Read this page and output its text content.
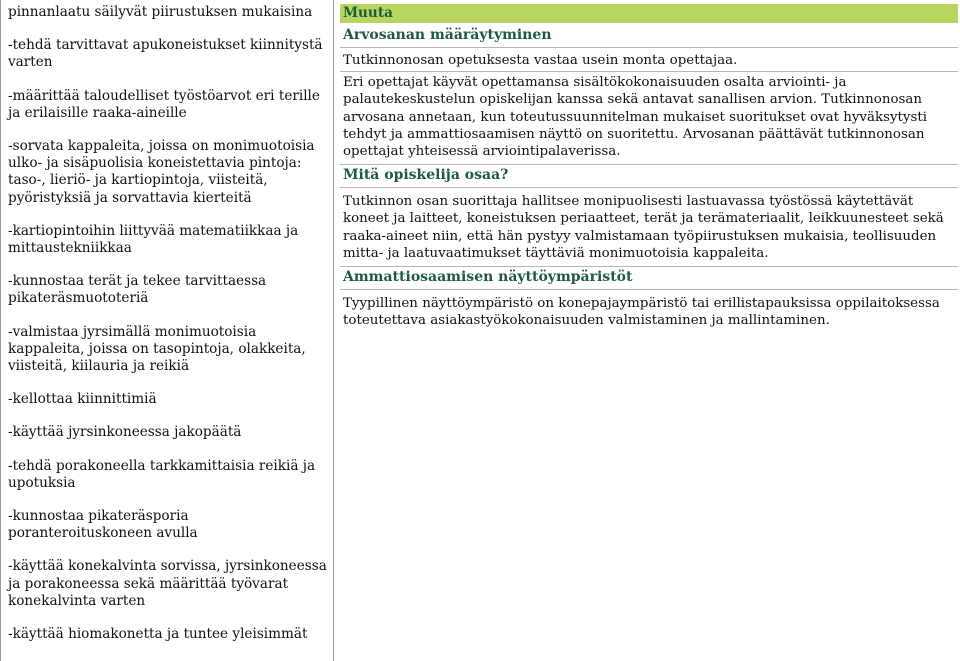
pinnanlaatu säilyvät piirustuksen mukaisina

-tehdä tarvittavat apukoneistukset kiinnitystä varten

-määrittää taloudelliset työstöarvot eri terille ja erilaisille raaka-aineille

-sorvata kappaleita, joissa on monimuotoisia ulko- ja sisäpuolisia koneistettavia pintoja: taso-, lieriö- ja kartiopintoja, viisteitä, pyöristyksiä ja sorvattavia kierteitä

-kartiopintoihin liittyvää matematiikkaa ja mittaustekniikkaa

-kunnostaa terät ja tekee tarvittaessa pikateräsmuototeriä

-valmistaa jyrsimällä monimuotoisia kappaleita, joissa on tasopintoja, olakkeita, viisteitä, kiilauria ja reikiä

-kellottaa kiinnittimiä

-käyttää jyrsinkoneessa jakopäätä

-tehdä porakoneella tarkkamittaisia reikiä ja upotuksia

-kunnostaa pikateräsporia poranteroituskoneen avulla

-käyttää konekalvinta sorvissa, jyrsinkoneessa ja porakoneessa sekä määrittää työvarat konekalvinta varten

-käyttää hiomakonetta ja tuntee yleisimmät

Muuta
Arvosanan määräytyminen

Tutkinnonosan opetuksesta vastaa usein monta opettajaa.

Eri opettajat käyvät opettamansa sisältökokonaisuuden osalta arviointi- ja palautekeskustelun opiskelijan kanssa sekä antavat sanallisen arvion. Tutkinnonosan arvosana annetaan, kun toteutussuunnitelman mukaiset suoritukset ovat hyväksytysti tehdyt ja ammattiosaamisen näyttö on suoritettu. Arvosanan päättävät tutkinnonosan opettajat yhteisessä arviointipalaverissa.

Mitä opiskelija osaa?

Tutkinnon osan suorittaja hallitsee monipuolisesti lastuavassa työstössä käytettävät koneet ja laitteet, koneistuksen periaatteet, terät ja terämateriaalit, leikkuunesteet sekä raaka-aineet niin, että hän pystyy valmistamaan työpiirustuksen mukaisia, teollisuuden mitta- ja laatuvaatimukset täyttäviä monimuotoisia kappaleita.

Ammattiosaamisen näyttöympäristöt

Tyypillinen näyttöympäristö on konepajaympäristö tai erillistapauksissa oppilaitoksessa toteutettava asiakastyökokonaisuuden valmistaminen ja mallintaminen.
